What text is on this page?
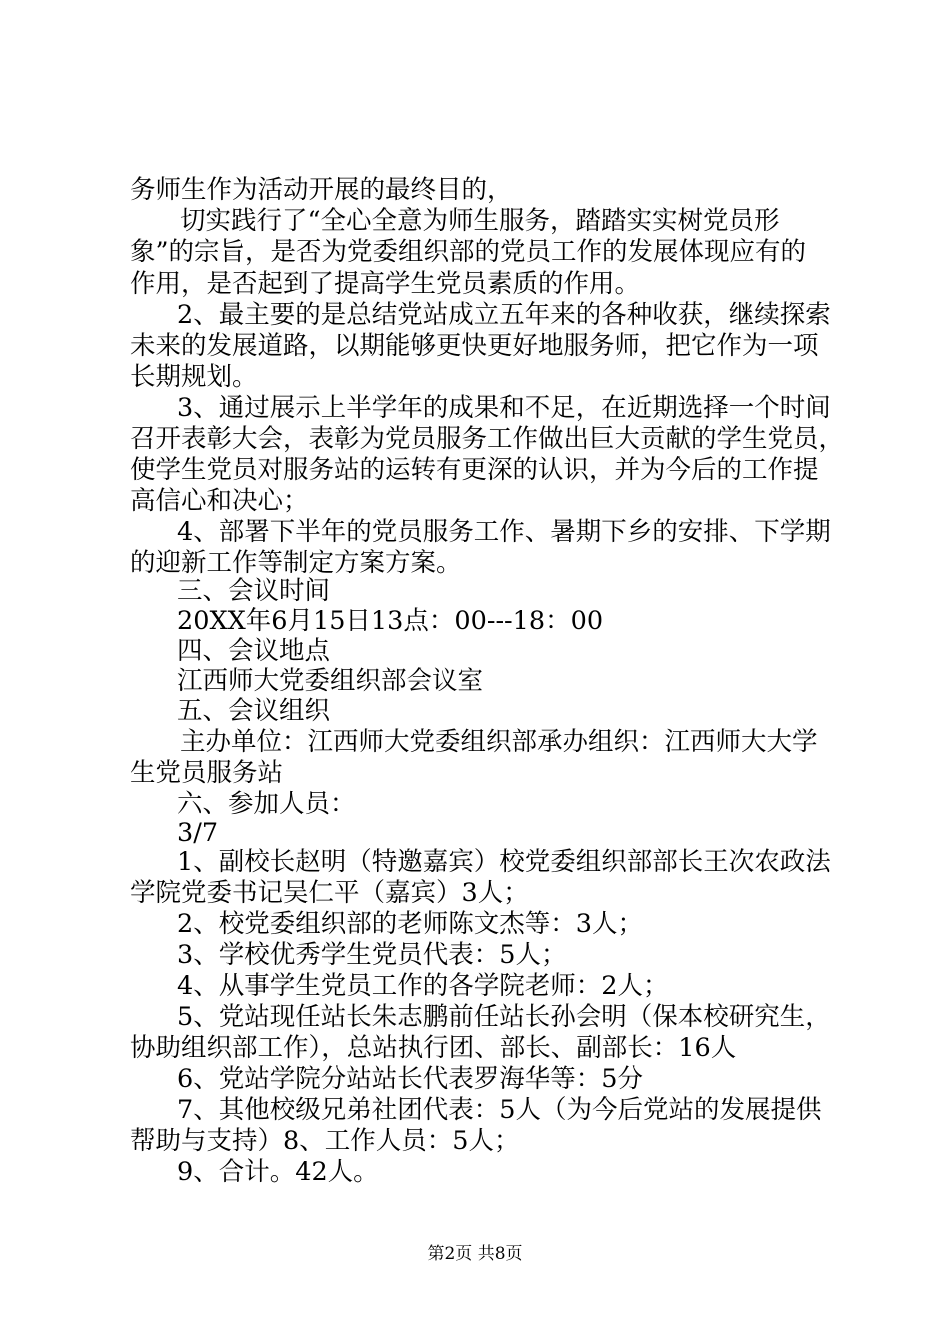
务师生作为活动开展的最终目的，
切实践行了“全心全意为师生服务，踏踏实实树党员形
象”的宗旨，是否为党委组织部的党员工作的发展体现应有的
作用，是否起到了提高学生党员素质的作用。
2、最主要的是总结党站成立五年来的各种收获，继续探索
未来的发展道路，以期能够更快更好地服务师，把它作为一项
长期规划。
3、通过展示上半学年的成果和不足，在近期选择一个时间
召开表彰大会，表彰为党员服务工作做出巨大贡献的学生党员，
使学生党员对服务站的运转有更深的认识，并为今后的工作提
高信心和决心；
4、部署下半年的党员服务工作、暑期下乡的安排、下学期
的迎新工作等制定方案方案。
三、会议时间
20XX年6月15日13点：00---18：00
四、会议地点
江西师大党委组织部会议室
五、会议组织
主办单位：江西师大党委组织部承办组织：江西师大大学
生党员服务站
六、参加人员：
3/7
1、副校长赵明（特邀嘉宾）校党委组织部部长王次农政法
学院党委书记吴仁平（嘉宾）3人；
2、校党委组织部的老师陈文杰等：3人；
3、学校优秀学生党员代表：5人；
4、从事学生党员工作的各学院老师：2人；
5、党站现任站长朱志鹏前任站长孙会明（保本校研究生，
协助组织部工作），总站执行团、部长、副部长：16人
6、党站学院分站站长代表罗海华等：5分
7、其他校级兄弟社团代表：5人（为今后党站的发展提供
帮助与支持）8、工作人员：5人；
9、合计。42人。
第2页 共8页
